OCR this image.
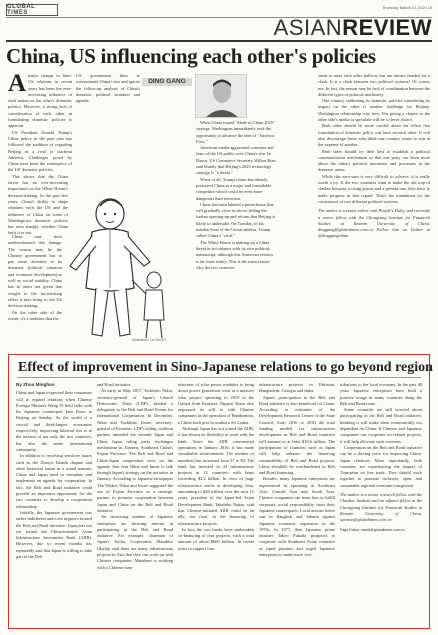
GLOBAL TIMES
Thursday March 21 2019 15
ASIANREVIEW
China, US influencing each other's policies

Amajor change in Sino-US relations in recent years has been the ever-increasing influence of each nation on the other's domestic politics. However, a strong lack of consideration of each other in formulating domestic policies is apparent.

US President Donald Trump's China policy in the past year has followed the tradition of regarding Beijing as a rival to confront America. Challenges posed by China have been the centerpiece of the US' domestic policies.

This shows that the China factor has an ever-increasing importance on the White House's decision-making. In the past few years, China's ability to shape relations with the US and the influence of China on some of Washington's domestic policies has seen sharply. whether China feels it or not.

China may have underestimated this change. The reason may be the Chinese government has to pay more attention to its domestic political situation and economic development as well as social stability. China has at times not given due weight to the far-reaching effect it may bring to the US decision-making.

On the other side of the ocean, it's a tradition that the

US government likes to overestimate China's rise and ignore the follow-up analysis of China's domestic political situation and agenda.

DING GANG
Illustration: Liu Rui/GT

When China issued "Made in China 2025" strategy, Washington immediately took the opportunity to advance the idea of "America First."

American media aggravated concerns and fears of the US public over China's rise. In Davos, US Commerce Secretary Wilbur Ross said bluntly that Beijing's 2025 technology strategy is "a threat."

Worst of all, Trump's team has already portrayed China as a major and formidable competitor which could be even more dangerous than terrorism.

China has been labeled a powerhouse that will gradually close its doors, hiding the further opening-up and reform that Beijing is likely to undertake. On Tuesday, in his maiden State of the Union address, Trump called China a "rival."

The White House is making up a China threat in accordance with its own political manuscript, although this American version is far from reality. This is the main reason why the two countries

seem to meet each other halfway but are always headed for a clash. Is it a clash between two political systems? Of course not. In fact, the reason may be lack of coordination between the different types of political machinery.

One country calibrating its domestic policies considering its impact on the other is another challenge for Beijing-Washington relationship way face. Not giving a chance to the other side's media to speculate will be a clever choice.

Both sides should be more careful about the effect that formulation of domestic policy can have on each other. It will also discourage those who think one country wants to win at the expense of another.

Both sides should try their best to establish a political communication mechanism so that one party can learn more about the other's political intentions and processes in the domestic arena.

While this zero-sum is very difficult to achieve, it is really worth a try. If the two countries want to make the old trap of clashes between a rising power and a present one, they have to make progress in that regard. That's the foundation for the coexistence of two different political systems.

The author is a senior editor with People's Daily, and currently a senior fellow with the Chongyang Institute for Financial Studies at Renmin University of China. dinggang@globaltimes.com.cn Follow him on Twitter at @dinggangchina

Effect of improvement in Sino-Japanese relations to go beyond region

By Zhou Minghao

China and Japan expressed their consensus will to expand relations when Chinese Foreign Minister Wang Yi held talks with his Japanese counterpart Taro Kono in Beijing on Sunday. As the world is a crucial and third-largest economies respectively, improving bilateral ties is in the interest of not only the two countries, but also the entire international community.

In addition to resolving sensitive issues such as the Diaoyu Islands dispute and other historical issues in a sound manner, China and Japan need to formulate and implement an agenda for cooperation. In fact, the Belt and Road initiative could provide an important opportunity for the two countries to develop a cooperation relationship.

Initially, the Japanese government was rather indifferent and even negative toward the Belt and Road initiative. Japan has not yet joined the China-initiated Asian Infrastructure Investment Bank (AIIB). However, due to recent months has repeatedly said that Japan is willing to take part in the Belt

and Road initiative.

As early as May 2017, Toshihiro Nikai, secretary-general of Japan's Liberal Democratic Party (LDP), headed a delegation to the Belt and Road Forum for International Cooperation. In December, Nikai and Yoshihiro Inoue, secretary-general of Komeito, LDP's ruling coalition partner, attended the seventh Japan and China Japan ruling party exchanges mechanism in Xiamen, Southeast China's Fujian Province. The Belt and Road and China-Japan cooperation were on the agenda. Abe sent Nikai and Inoue to talk through Japan's strategy on the initiative in January. According to Japanese newspaper The Nikkei, Nikai and Inoue suggested the use of Fujian Province as a strategic partner to promote cooperation between Japan and China on the Belt and Road initiative.

An increasing number of Japanese enterprises are showing interest in participating in the Belt and Road initiative. For example, chairman of Japan's Itochu Corporation Masahiro Okafuji said there are many infrastructure projects in Asia that they can work on with Chinese companies. Marubeni is working with a Chinese man-

ufacturer of solar power modules to bring down power generation costs at a massive solar project operating in 2019 in the United Arab Emirates. Nippon Yusen also expressed its will to with Chinese companies in the operation of Hambantota, a China-built port in southern Sri Lanka.

Although Japan has not joined the AIIB, it has shown its flexibility to work with the bank. Since the AIIB commenced operations in January 2016, it has made remarkable achievements. The number of members has increased from 57 to 84. The bank has invested in 24 infrastructure projects in 12 countries, with loans exceeding $4.2 billion. In view of huge infrastructure needs in developing Asia, amounting to $26 trillion over the next 15 years, president of the Japan-led Asian Development Bank, Takehiko Nakao, said that Chinese-initiated AIIB could be an ally, not rival, in the financing of infrastructure projects.

In fact, the two banks have undertaken co-financing of four projects, with a total amount of about $600 million. In recent years to support four

infrastructure projects in Pakistan, Bangladesh, Georgia and India.

Japan's participation in the Belt and Road initiative is also beneficial for China. According to estimates of the Development Research Center of the State Council, from 2016 to 2030 the total funding needed for infrastructure development in Belt and Road countries will amount to at least $10.6 trillion. The participation of countries such as Japan will help enhance the financing sustainability of Belt and Road projects. China shouldn't be overburdened in Belt and Road financing.

Besides, many Japanese enterprises are experienced in operating in Southeast Asia, Central Asia and South Asia. Chinese companies can learn how to fulfill corporate social responsibility from their Japanese counterparts. Local actions better suit in Bangkok and Jakarta against Japanese economic expansion in the 1970s. In 1977, then Japanese prime minister Takeo Fukuda proposed to cooperate with Southeast Asian countries as equal partners and urged Japanese enterprises to make more con-

tributions to the local economy. In the past 40 years Japanese enterprises have built a positive image in many countries along the Belt and Road route.

Some countries are still worried about participating in the Belt and Road initiative, thinking it will make them economically too dependent on China. If Chinese and Japanese companies can cooperate on related projects, it will help alleviate such concerns.

Cooperation on the Belt and Road initiative can be a driving force for improving China-Japan relations. More importantly, both countries are experiencing the impact of Trumpism on free trade. They should work together to promote inclusive, open, and sustainable regional economic integration.

The author is a senior research fellow with the Charhar Institute and an adjunct fellow at the Chongyang Institute for Financial Studies at Renmin University of China. opinion@globaltimes.com.cn

Page Editor: xiaodi@globaltimes.com.cn
